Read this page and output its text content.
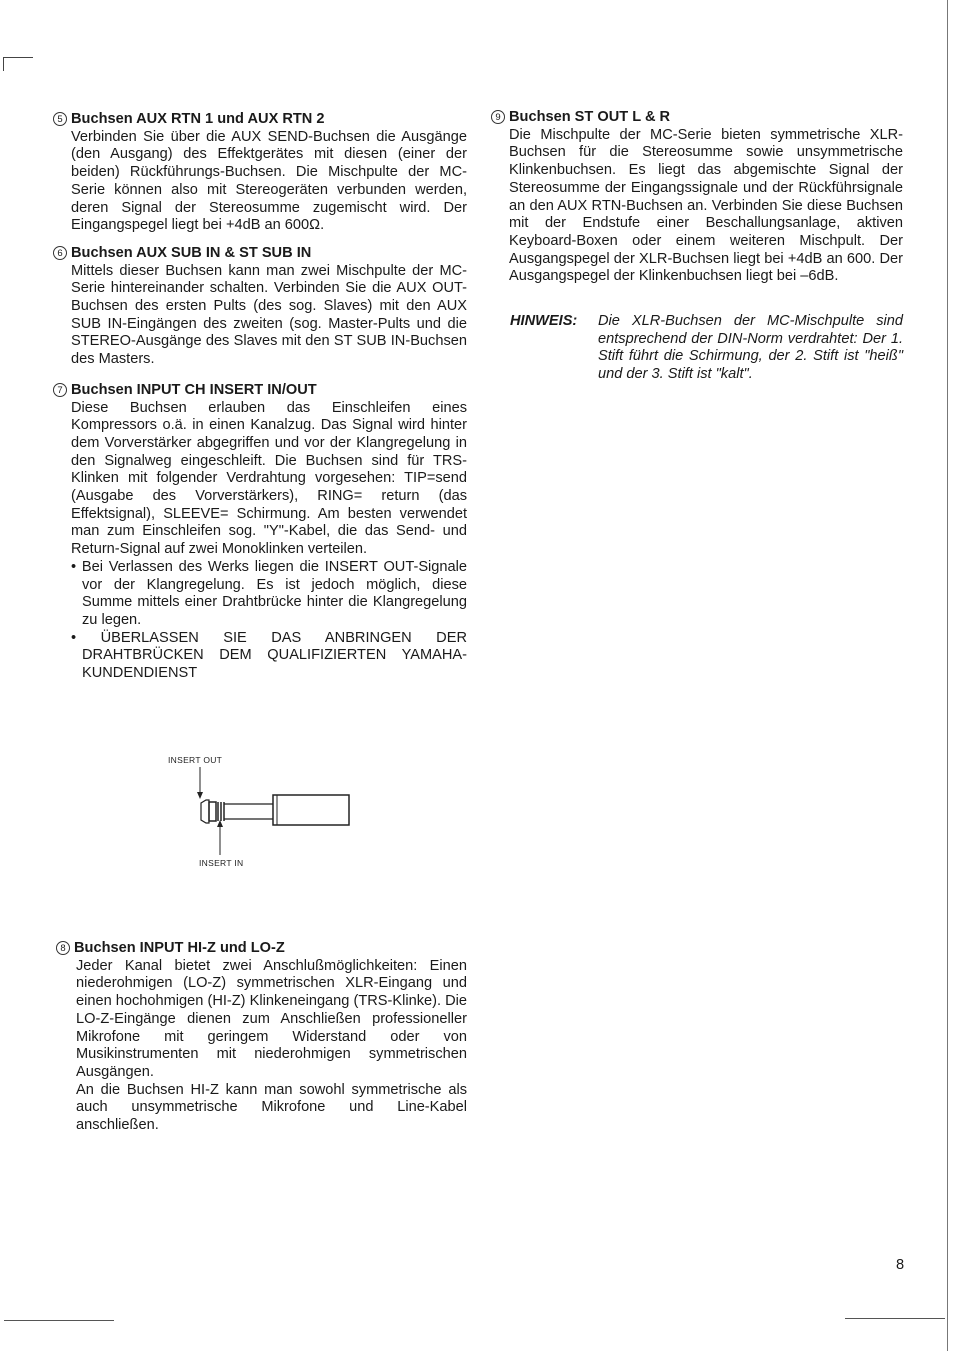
5 Buchsen AUX RTN 1 und AUX RTN 2

Verbinden Sie über die AUX SEND-Buchsen die Ausgänge (den Ausgang) des Effektgerätes mit diesen (einer der beiden) Rückführungs-Buchsen. Die Mischpulte der MC-Serie können also mit Stereogeräten verbunden werden, deren Signal der Stereosumme zugemischt wird. Der Eingangspegel liegt bei +4dB an 600Ω.

6 Buchsen AUX SUB IN & ST SUB IN

Mittels dieser Buchsen kann man zwei Mischpulte der MC-Serie hintereinander schalten. Verbinden Sie die AUX OUT-Buchsen des ersten Pults (des sog. Slaves) mit den AUX SUB IN-Eingängen des zweiten (sog. Master-Pults und die STEREO-Ausgänge des Slaves mit den ST SUB IN-Buchsen des Masters.

7 Buchsen INPUT CH INSERT IN/OUT

Diese Buchsen erlauben das Einschleifen eines Kompressors o.ä. in einen Kanalzug. Das Signal wird hinter dem Vorverstärker abgegriffen und vor der Klangregelung in den Signalweg eingeschleift. Die Buchsen sind für TRS-Klinken mit folgender Verdrahtung vorgesehen: TIP=send (Ausgabe des Vorverstärkers), RING= return (das Effektsignal), SLEEVE= Schirmung. Am besten verwendet man zum Einschleifen sog. "Y"-Kabel, die das Send- und Return-Signal auf zwei Monoklinken verteilen.

• Bei Verlassen des Werks liegen die INSERT OUT-Signale vor der Klangregelung. Es ist jedoch möglich, diese Summe mittels einer Drahtbrücke hinter die Klangregelung zu legen.

• ÜBERLASSEN SIE DAS ANBRINGEN DER DRAHTBRÜCKEN DEM QUALIFIZIERTEN YAMAHA-KUNDENDIENST

INSERT OUT
INSERT IN
8 Buchsen INPUT HI-Z und LO-Z

Jeder Kanal bietet zwei Anschlußmöglichkeiten: Einen niederohmigen (LO-Z) symmetrischen XLR-Eingang und einen hochohmigen (HI-Z) Klinkeneingang (TRS-Klinke). Die LO-Z-Eingänge dienen zum Anschließen professioneller Mikrofone mit geringem Widerstand oder von Musikinstrumenten mit niederohmigen symmetrischen Ausgängen.

An die Buchsen HI-Z kann man sowohl symmetrische als auch unsymmetrische Mikrofone und Line-Kabel anschließen.

9 Buchsen ST OUT L & R

Die Mischpulte der MC-Serie bieten symmetrische XLR-Buchsen für die Stereosumme sowie unsymmetrische Klinkenbuchsen. Es liegt das abgemischte Signal der Stereosumme der Eingangssignale und der Rückführsignale an den AUX RTN-Buchsen an. Verbinden Sie diese Buchsen mit der Endstufe einer Beschallungsanlage, aktiven Keyboard-Boxen oder einem weiteren Mischpult. Der Ausgangspegel der XLR-Buchsen liegt bei +4dB an 600. Der Ausgangspegel der Klinkenbuchsen liegt bei –6dB.

HINWEIS: Die XLR-Buchsen der MC-Mischpulte sind entsprechend der DIN-Norm verdrahtet: Der 1. Stift führt die Schirmung, der 2. Stift ist "heiß" und der 3. Stift ist "kalt".
8
